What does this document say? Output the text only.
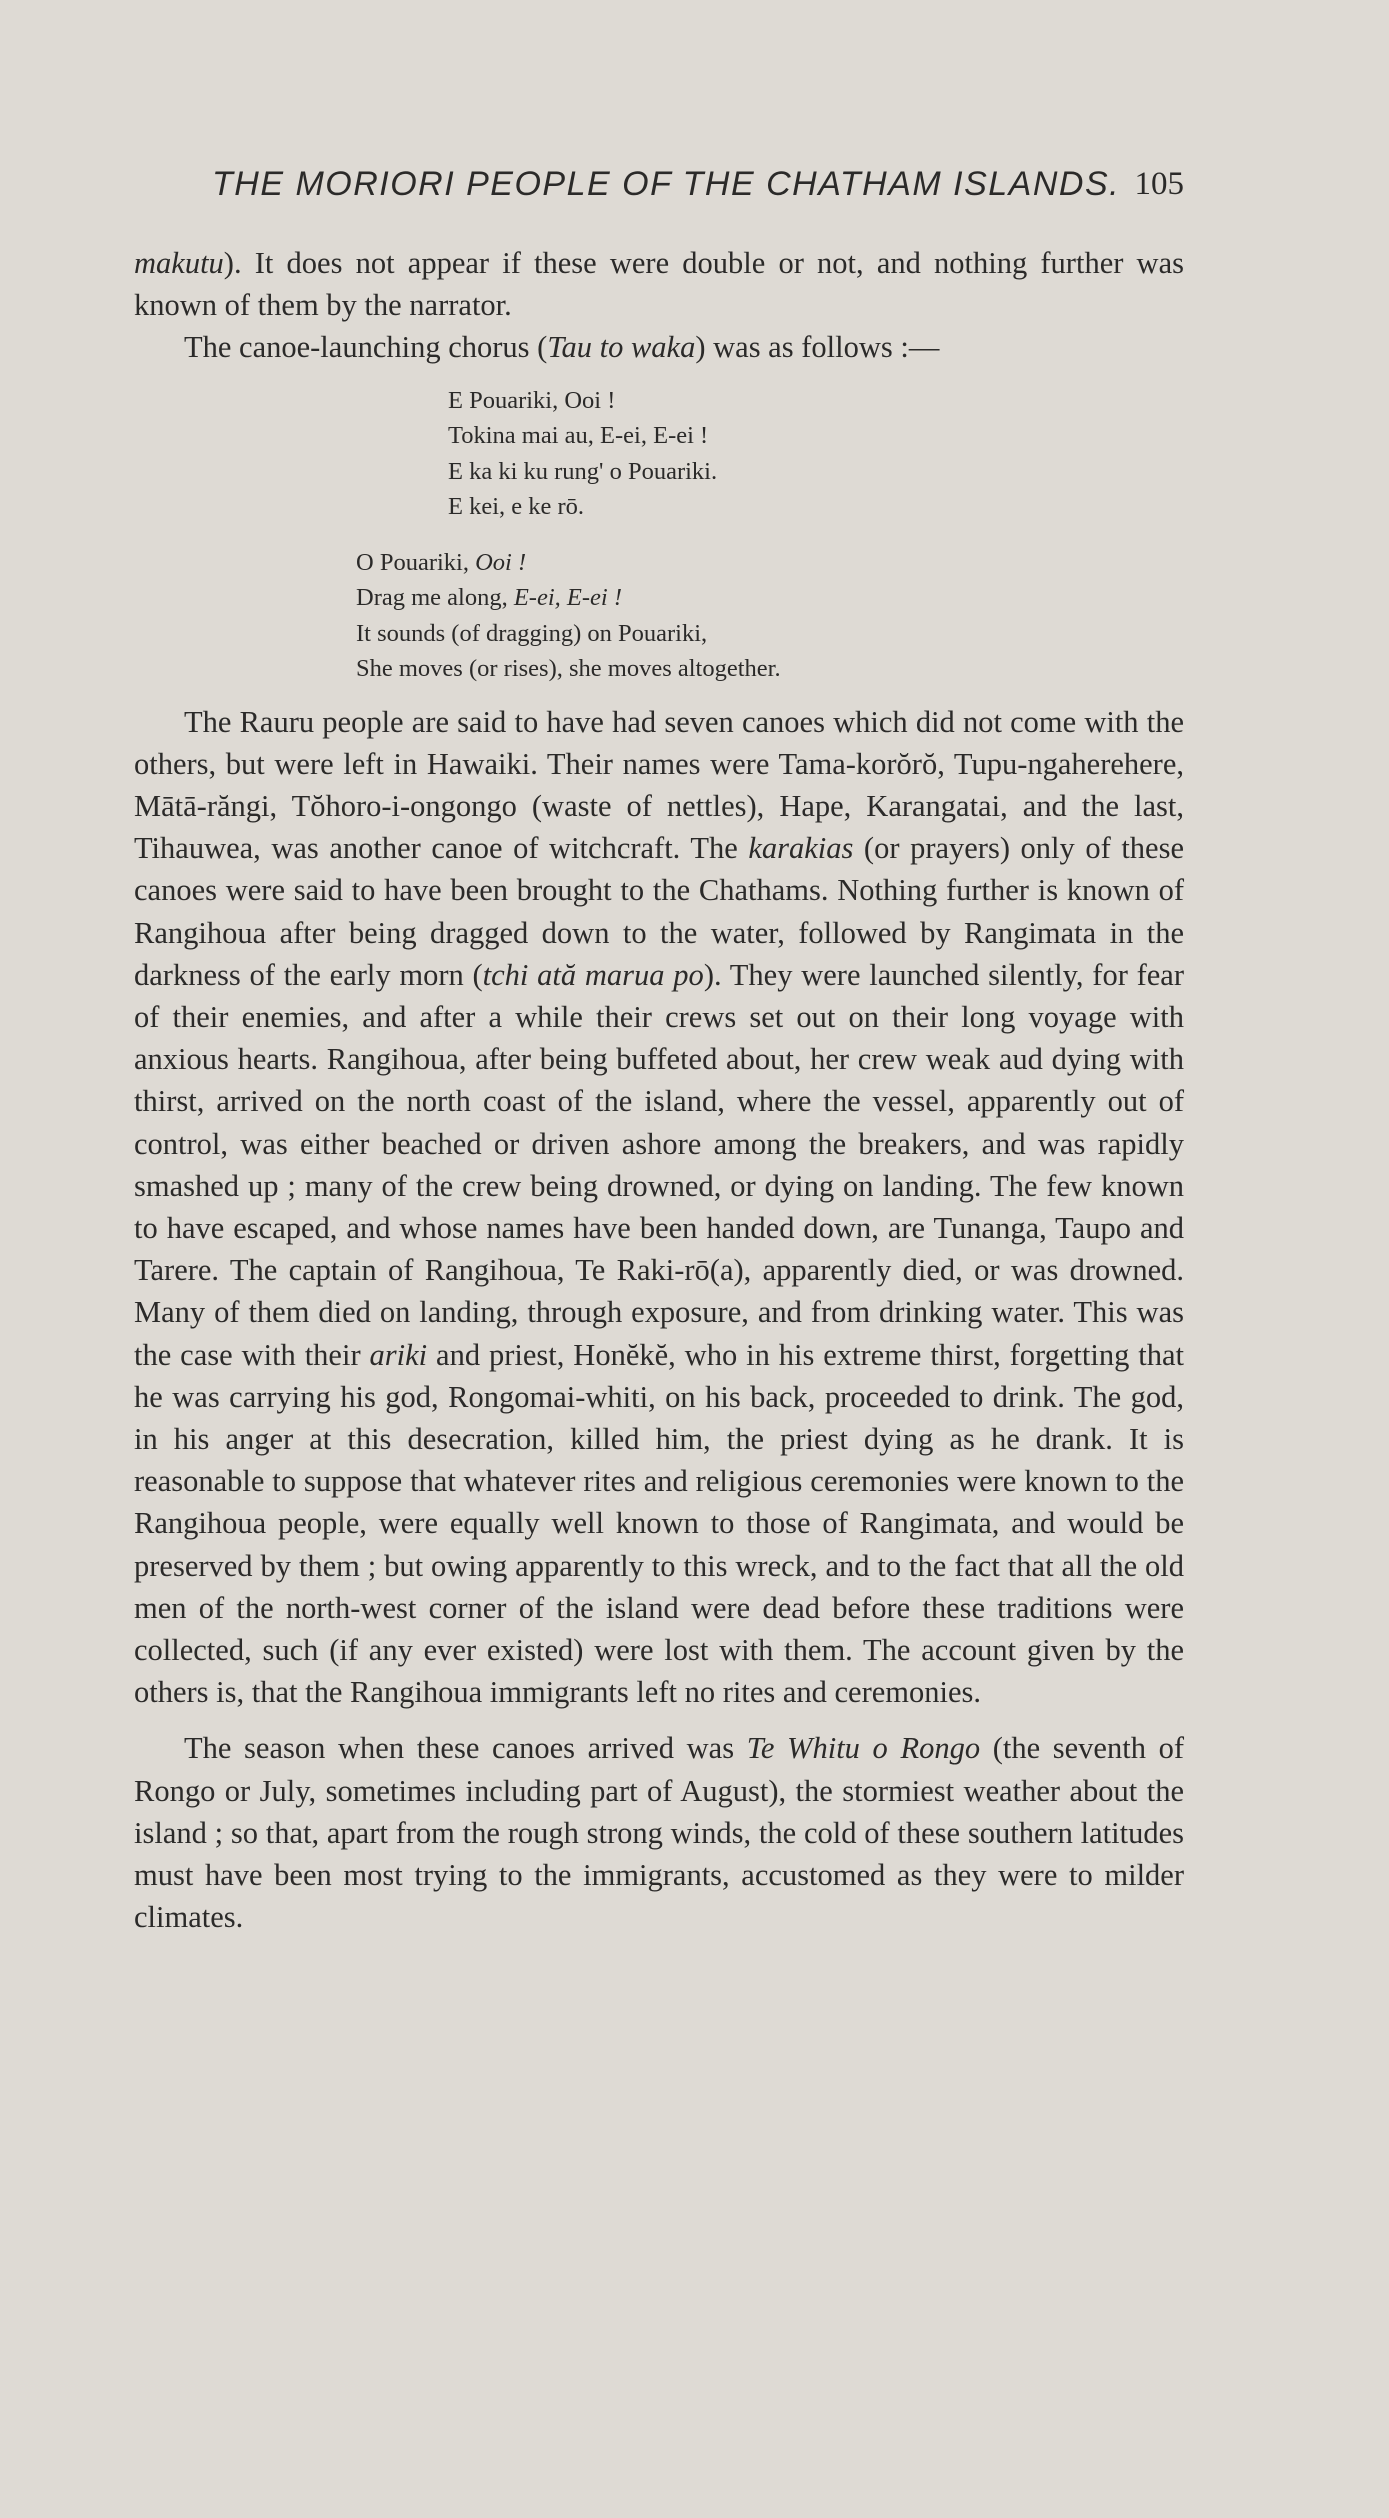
THE MORIORI PEOPLE OF THE CHATHAM ISLANDS. 105

makutu). It does not appear if these were double or not, and nothing further was known of them by the narrator.

The canoe-launching chorus (Tau to waka) was as follows :—

E Pouariki, Ooi !
Tokina mai au, E-ei, E-ei !
E ka ki ku rung' o Pouariki.
E kei, e ke rō.
O Pouariki, Ooi !
Drag me along, E-ei, E-ei !
It sounds (of dragging) on Pouariki,
She moves (or rises), she moves altogether.

The Rauru people are said to have had seven canoes which did not come with the others, but were left in Hawaiki. Their names were Tama-korŏrŏ, Tupu-ngaherehere, Mātā-răngi, Tŏhoro-i-ongongo (waste of nettles), Hape, Karangatai, and the last, Tihauwea, was another canoe of witchcraft. The karakias (or prayers) only of these canoes were said to have been brought to the Chathams. Nothing further is known of Rangihoua after being dragged down to the water, followed by Rangimata in the darkness of the early morn (tchi ată marua po). They were launched silently, for fear of their enemies, and after a while their crews set out on their long voyage with anxious hearts. Rangihoua, after being buffeted about, her crew weak aud dying with thirst, arrived on the north coast of the island, where the vessel, apparently out of control, was either beached or driven ashore among the breakers, and was rapidly smashed up ; many of the crew being drowned, or dying on landing. The few known to have escaped, and whose names have been handed down, are Tunanga, Taupo and Tarere. The captain of Rangihoua, Te Raki-rō(a), apparently died, or was drowned. Many of them died on landing, through exposure, and from drinking water. This was the case with their ariki and priest, Honĕkĕ, who in his extreme thirst, forgetting that he was carrying his god, Rongomai-whiti, on his back, proceeded to drink. The god, in his anger at this desecration, killed him, the priest dying as he drank. It is reasonable to suppose that whatever rites and religious ceremonies were known to the Rangihoua people, were equally well known to those of Rangimata, and would be preserved by them ; but owing apparently to this wreck, and to the fact that all the old men of the north-west corner of the island were dead before these traditions were collected, such (if any ever existed) were lost with them. The account given by the others is, that the Rangihoua immigrants left no rites and ceremonies.

The season when these canoes arrived was Te Whitu o Rongo (the seventh of Rongo or July, sometimes including part of August), the stormiest weather about the island ; so that, apart from the rough strong winds, the cold of these southern latitudes must have been most trying to the immigrants, accustomed as they were to milder climates.
